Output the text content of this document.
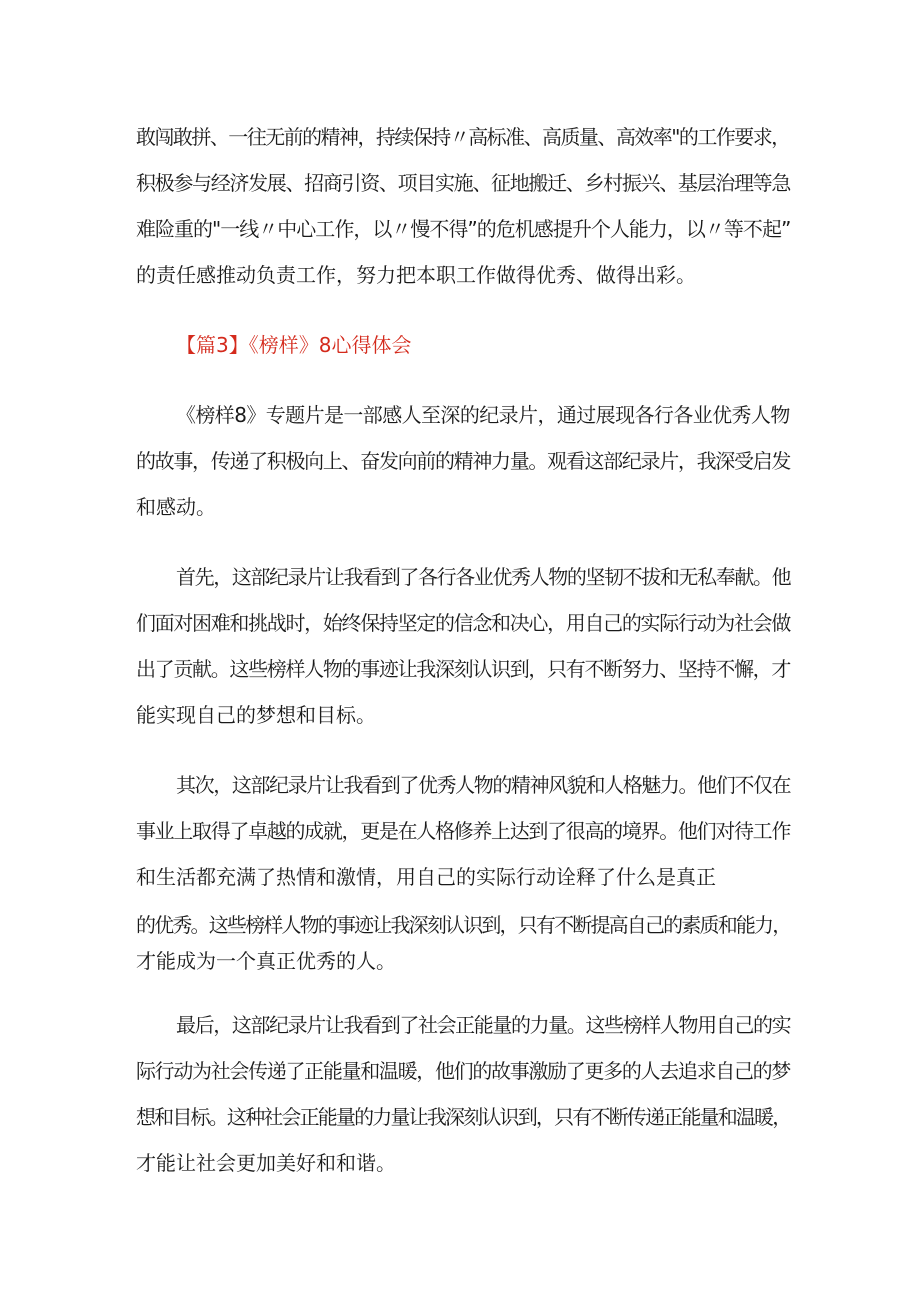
敢闯敢拼、一往无前的精神，持续保持〃高标准、高质量、高效率"的工作要求，

积极参与经济发展、招商引资、项目实施、征地搬迁、乡村振兴、基层治理等急

难险重的"一线〃中心工作，以〃慢不得”的危机感提升个人能力，以〃等不起”

的责任感推动负责工作，努力把本职工作做得优秀、做得出彩。

【篇3】《榜样》8心得体会

《榜样8》专题片是一部感人至深的纪录片，通过展现各行各业优秀人物

的故事，传递了积极向上、奋发向前的精神力量。观看这部纪录片，我深受启发

和感动。

首先，这部纪录片让我看到了各行各业优秀人物的坚韧不拔和无私奉献。他

们面对困难和挑战时，始终保持坚定的信念和决心，用自己的实际行动为社会做

出了贡献。这些榜样人物的事迹让我深刻认识到，只有不断努力、坚持不懈，才

能实现自己的梦想和目标。

其次，这部纪录片让我看到了优秀人物的精神风貌和人格魅力。他们不仅在

事业上取得了卓越的成就，更是在人格修养上达到了很高的境界。他们对待工作

和生活都充满了热情和激情，用自己的实际行动诠释了什么是真正

的优秀。这些榜样人物的事迹让我深刻认识到，只有不断提高自己的素质和能力，

才能成为一个真正优秀的人。

最后，这部纪录片让我看到了社会正能量的力量。这些榜样人物用自己的实

际行动为社会传递了正能量和温暖，他们的故事激励了更多的人去追求自己的梦

想和目标。这种社会正能量的力量让我深刻认识到，只有不断传递正能量和温暖，

才能让社会更加美好和和谐。
